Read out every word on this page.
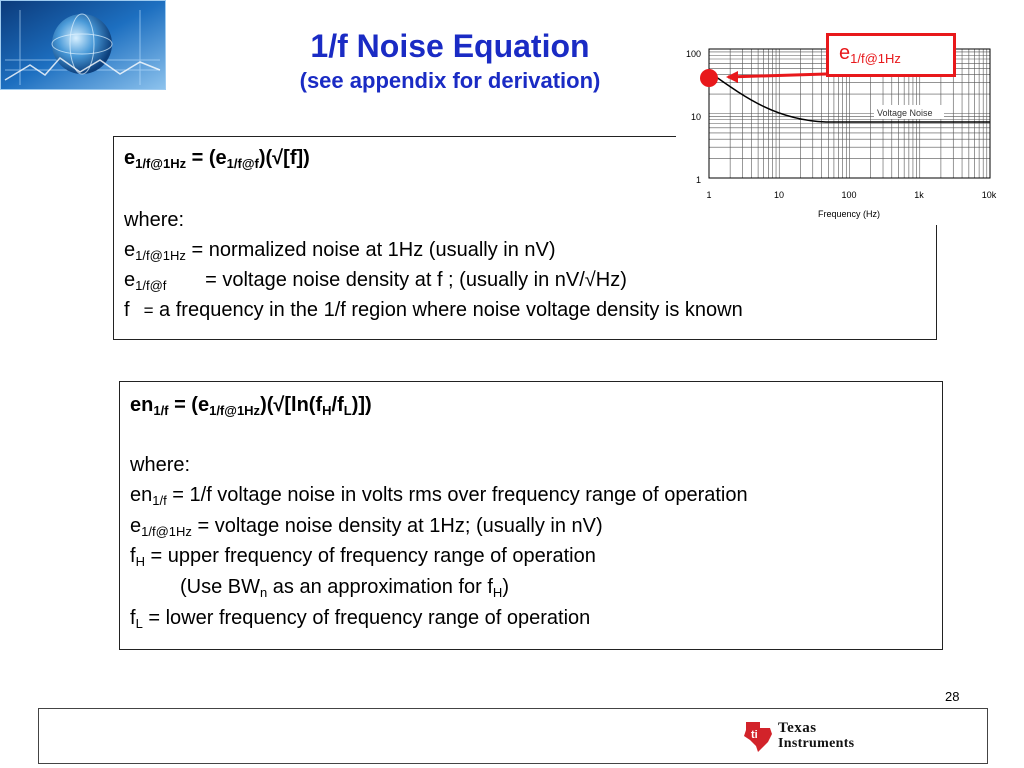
1/f Noise Equation
(see appendix for derivation)
$e_{1/f@1Hz} = (e_{1/f@f})(√[f])$
where:
$e_{1/f@1Hz}$ = normalized noise at 1Hz (usually in nV)
$e_{1/f@f}$ = voltage noise density at f ; (usually in nV/√Hz)
f = a frequency in the 1/f region where noise voltage density is known
Voltage Noise
100
10
1
1	10	100	1k	10k
Frequency (Hz)
$e_{1/f@1Hz}$
$en_{1/f} = (e_{1/f@1Hz})(√[\ln(f_H/f_L)])$
where:
$en_{1/f} = 1/f$ voltage noise in volts rms over frequency range of operation
$e_{1/f@1Hz}$ = voltage noise density at 1Hz; (usually in nV)
$f_H$ = upper frequency of frequency range of operation
(Use $BW_n$ as an approximation for $f_H$)
$f_L$ = lower frequency of frequency range of operation
28
ti Texas
Instruments
